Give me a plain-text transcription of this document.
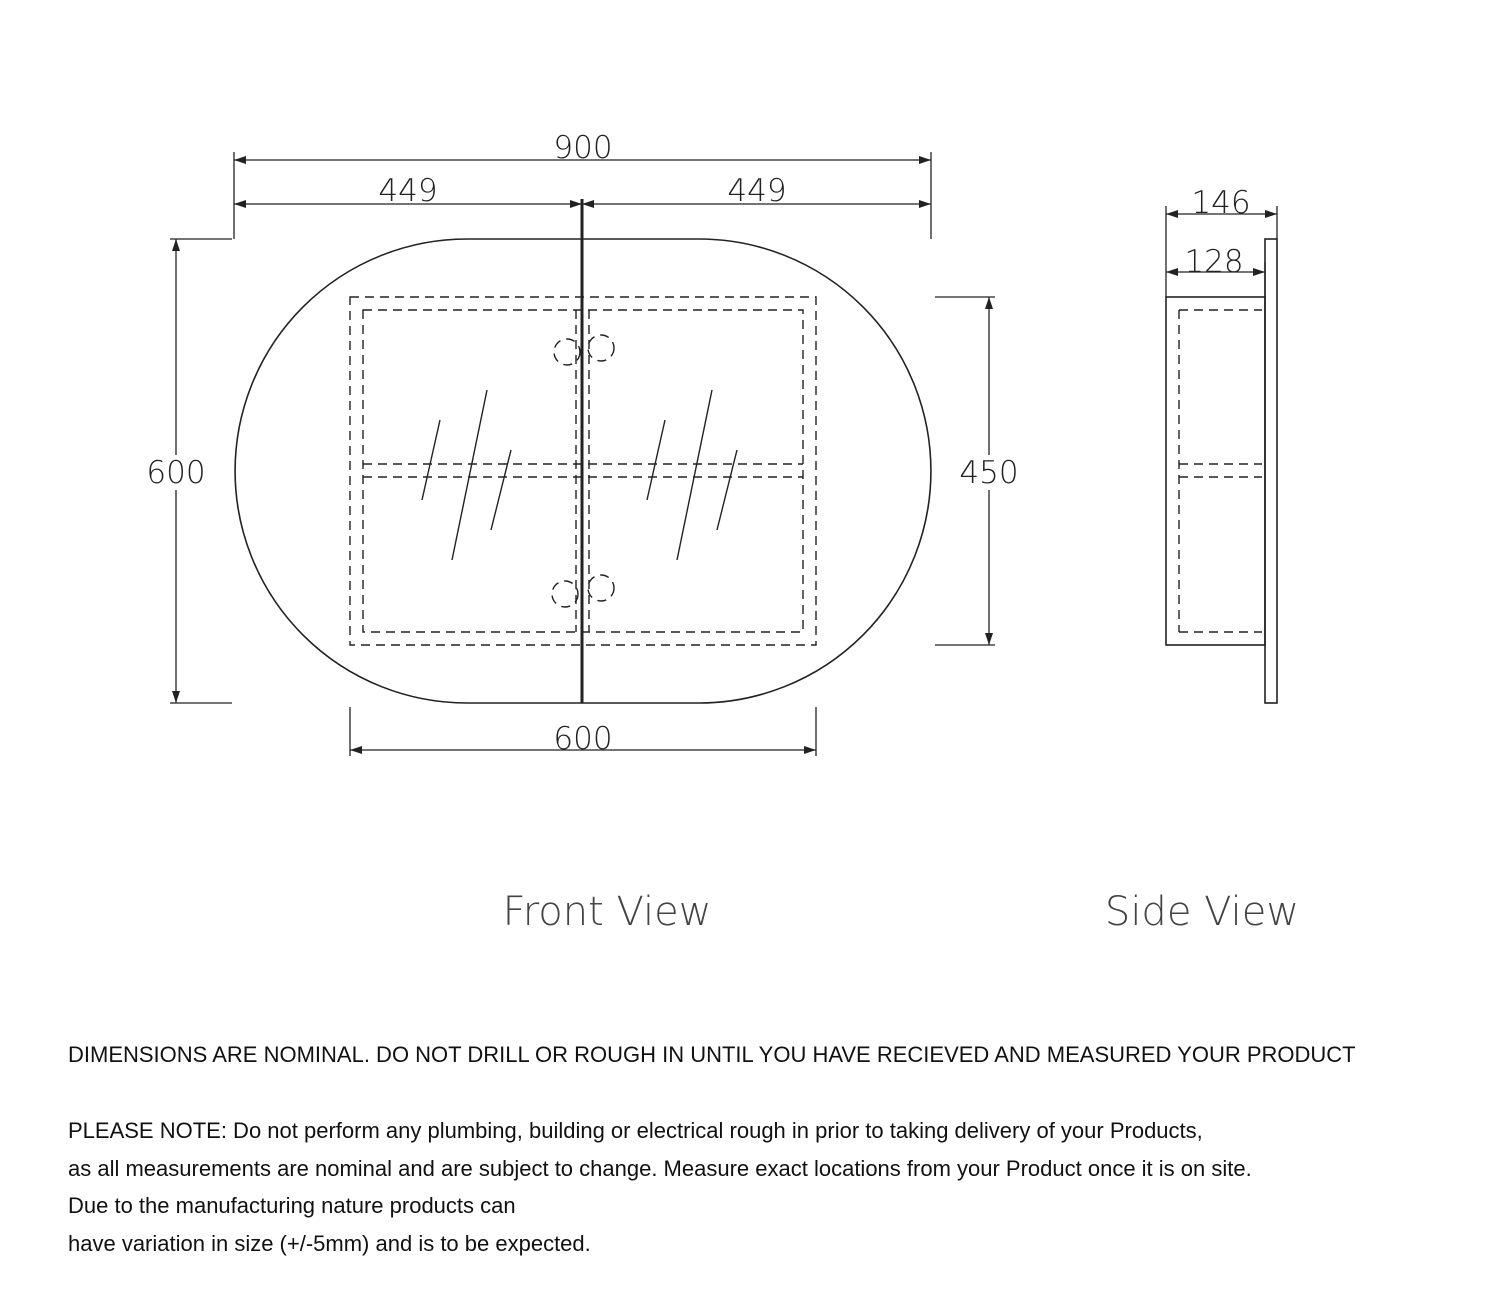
900
449	449
600	450
600
Front View
146
128
Side View

DIMENSIONS ARE NOMINAL. DO NOT DRILL OR ROUGH IN UNTIL YOU HAVE RECIEVED AND MEASURED YOUR PRODUCT

PLEASE NOTE: Do not perform any plumbing, building or electrical rough in prior to taking delivery of your Products,

as all measurements are nominal and are subject to change. Measure exact locations from your Product once it is on site.

Due to the manufacturing nature products can

have variation in size (+/-5mm) and is to be expected.
